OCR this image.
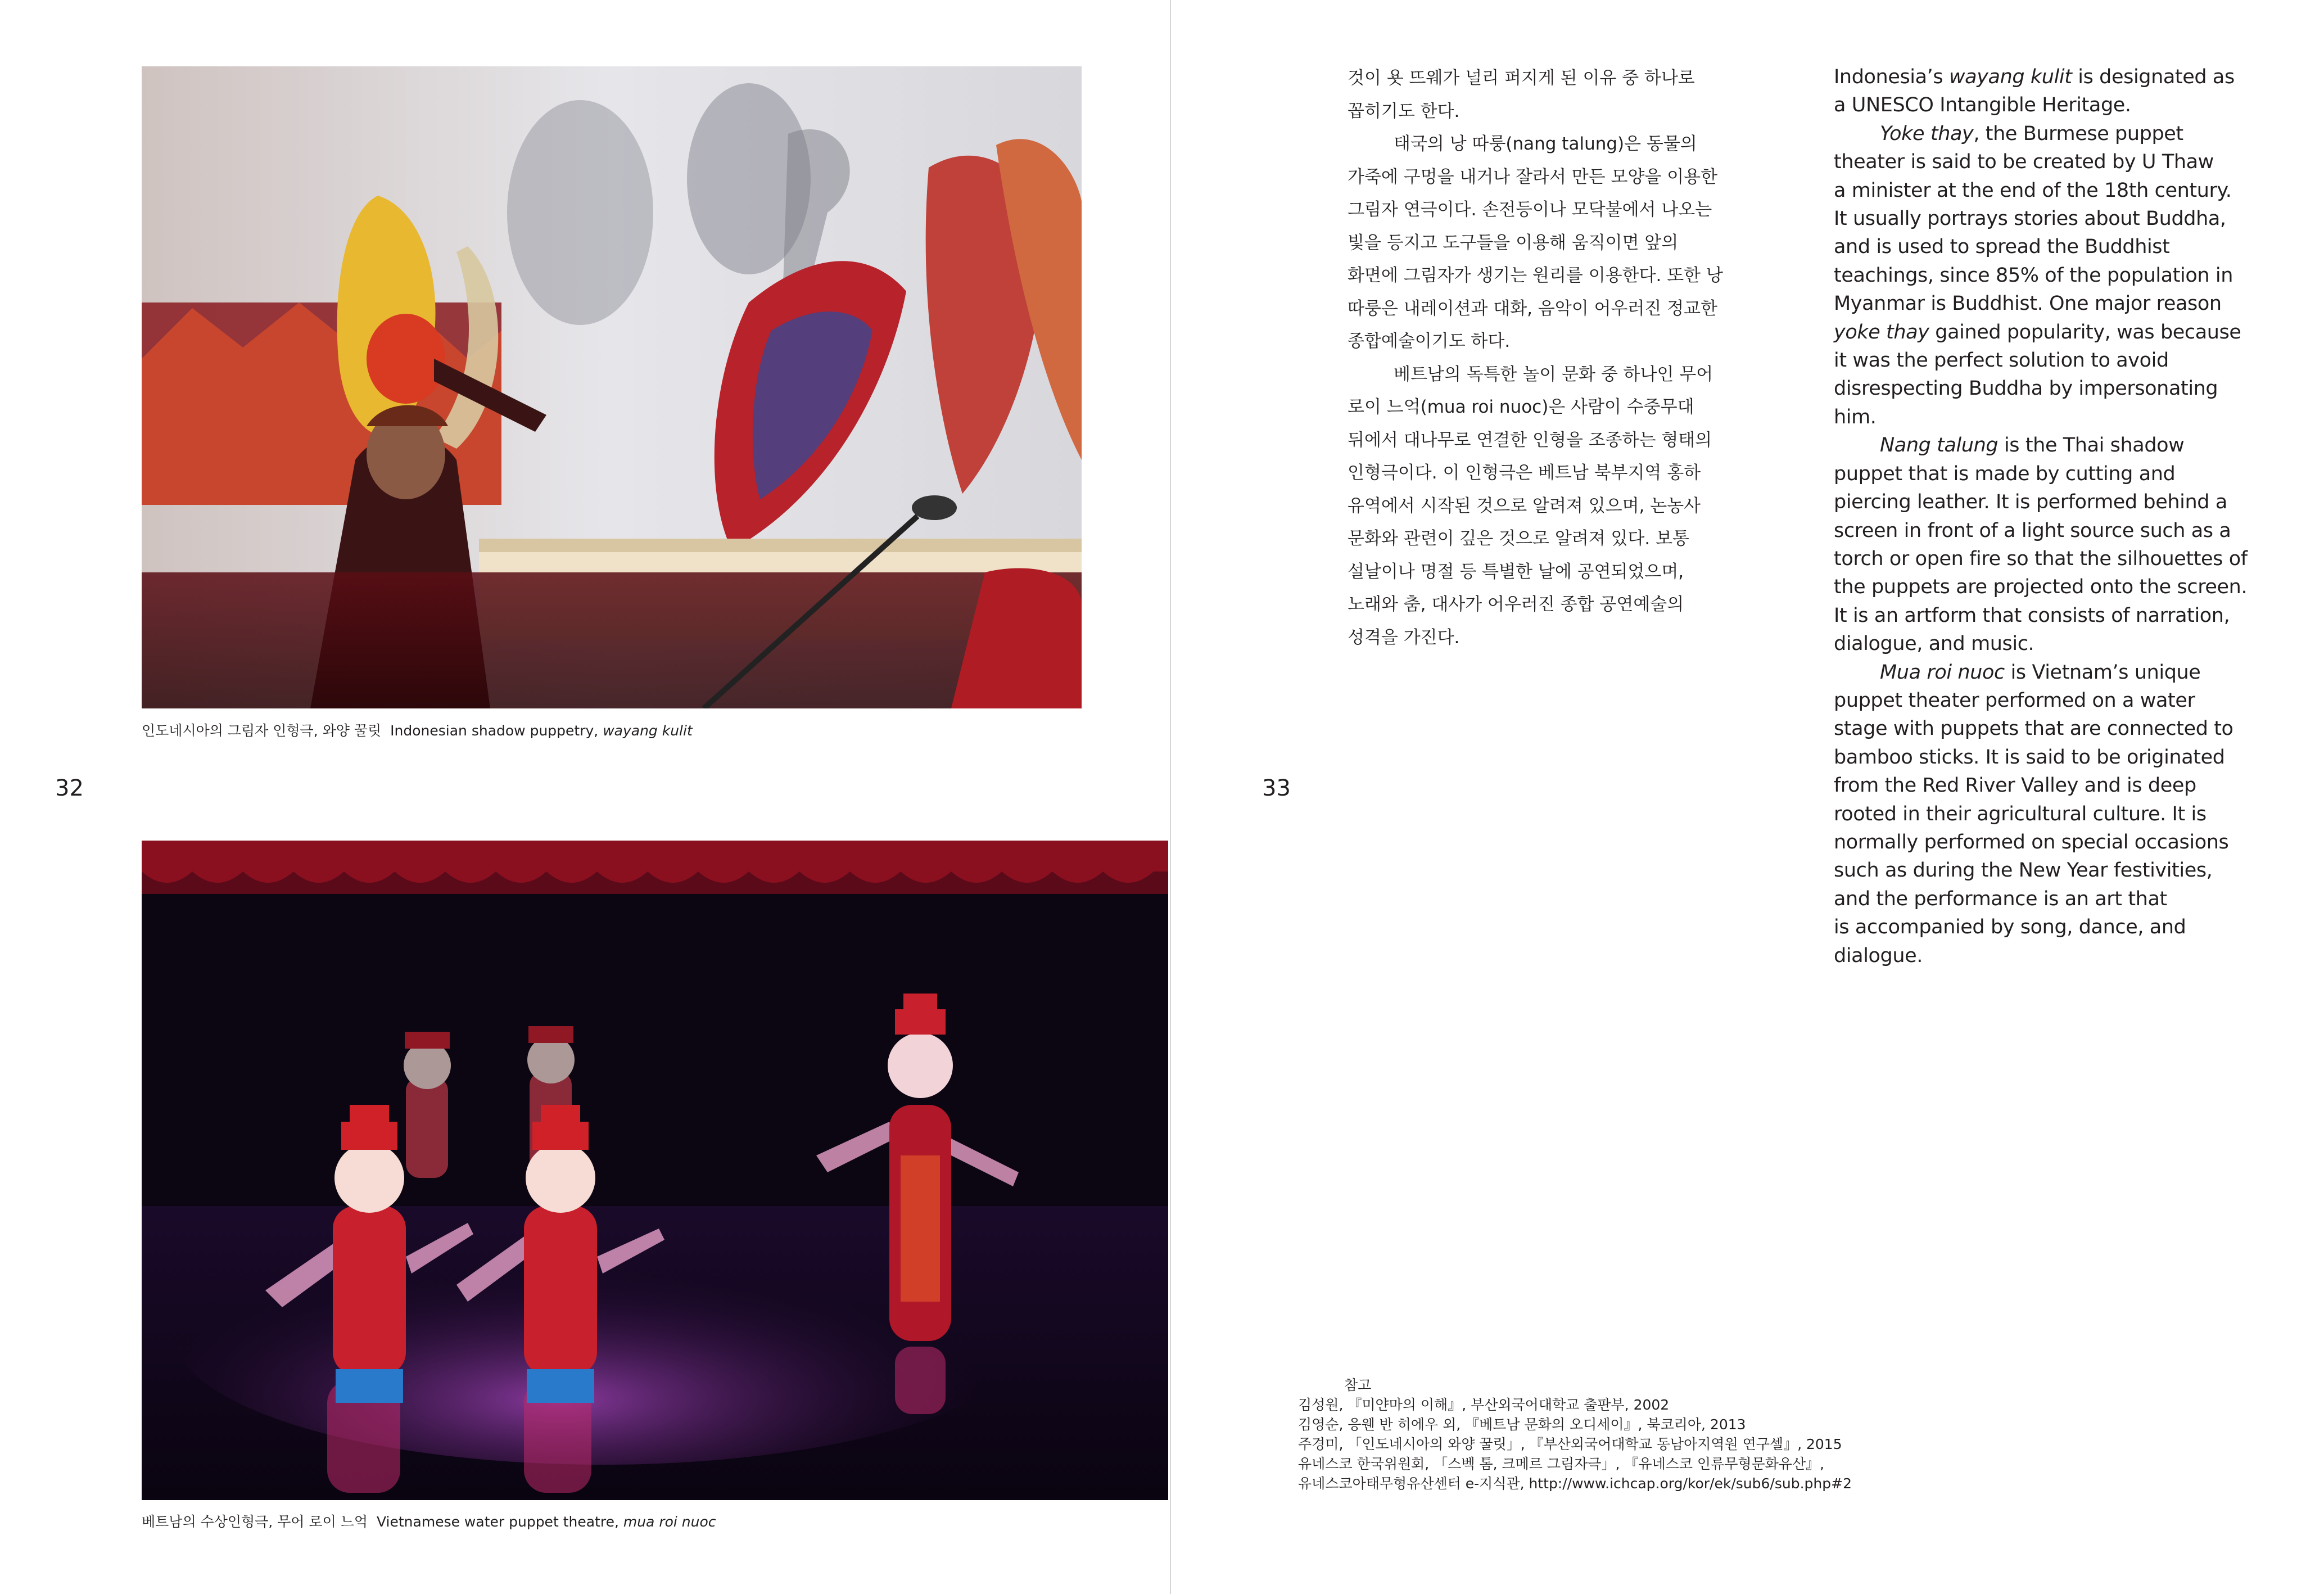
인도네시아의 그림자 인형극, 와양 꿀릿 Indonesian shadow puppetry, wayang kulit
베트남의 수상인형극, 무어 로이 느억 Vietnamese water puppet theatre, mua roi nuoc
32	33

것이 욧 뜨웨가 널리 퍼지게 된 이유 중 하나로

꼽히기도 한다.

태국의 낭 따룽(nang talung)은 동물의

가죽에 구멍을 내거나 잘라서 만든 모양을 이용한

그림자 연극이다. 손전등이나 모닥불에서 나오는

빛을 등지고 도구들을 이용해 움직이면 앞의

화면에 그림자가 생기는 원리를 이용한다. 또한 낭

따룽은 내레이션과 대화, 음악이 어우러진 정교한

종합예술이기도 하다.

베트남의 독특한 놀이 문화 중 하나인 무어

로이 느억(mua roi nuoc)은 사람이 수중무대

뒤에서 대나무로 연결한 인형을 조종하는 형태의

인형극이다. 이 인형극은 베트남 북부지역 홍하

유역에서 시작된 것으로 알려져 있으며, 논농사

문화와 관련이 깊은 것으로 알려져 있다. 보통

설날이나 명절 등 특별한 날에 공연되었으며,

노래와 춤, 대사가 어우러진 종합 공연예술의

성격을 가진다.

Indonesia’s wayang kulit is designated as

a UNESCO Intangible Heritage.

Yoke thay, the Burmese puppet

theater is said to be created by U Thaw

a minister at the end of the 18th century.

It usually portrays stories about Buddha,

and is used to spread the Buddhist

teachings, since 85% of the population in

Myanmar is Buddhist. One major reason

yoke thay gained popularity, was because

it was the perfect solution to avoid

disrespecting Buddha by impersonating

him.

Nang talung is the Thai shadow

puppet that is made by cutting and

piercing leather. It is performed behind a

screen in front of a light source such as a

torch or open fire so that the silhouettes of

the puppets are projected onto the screen.

It is an artform that consists of narration,

dialogue, and music.

Mua roi nuoc is Vietnam’s unique

puppet theater performed on a water

stage with puppets that are connected to

bamboo sticks. It is said to be originated

from the Red River Valley and is deep

rooted in their agricultural culture. It is

normally performed on special occasions

such as during the New Year festivities,

and the performance is an art that

is accompanied by song, dance, and

dialogue.

참고
김성원, 『미얀마의 이해』, 부산외국어대학교 출판부, 2002
김영순, 응웬 반 히에우 외, 『베트남 문화의 오디세이』, 북코리아, 2013
주경미, 「인도네시아의 와양 꿀릿」, 『부산외국어대학교 동남아지역원 연구셀』, 2015
유네스코 한국위원회, 「스벡 톰, 크메르 그림자극」, 『유네스코 인류무형문화유산』,
유네스코아태무형유산센터 e-지식관, http://www.ichcap.org/kor/ek/sub6/sub.php#2
